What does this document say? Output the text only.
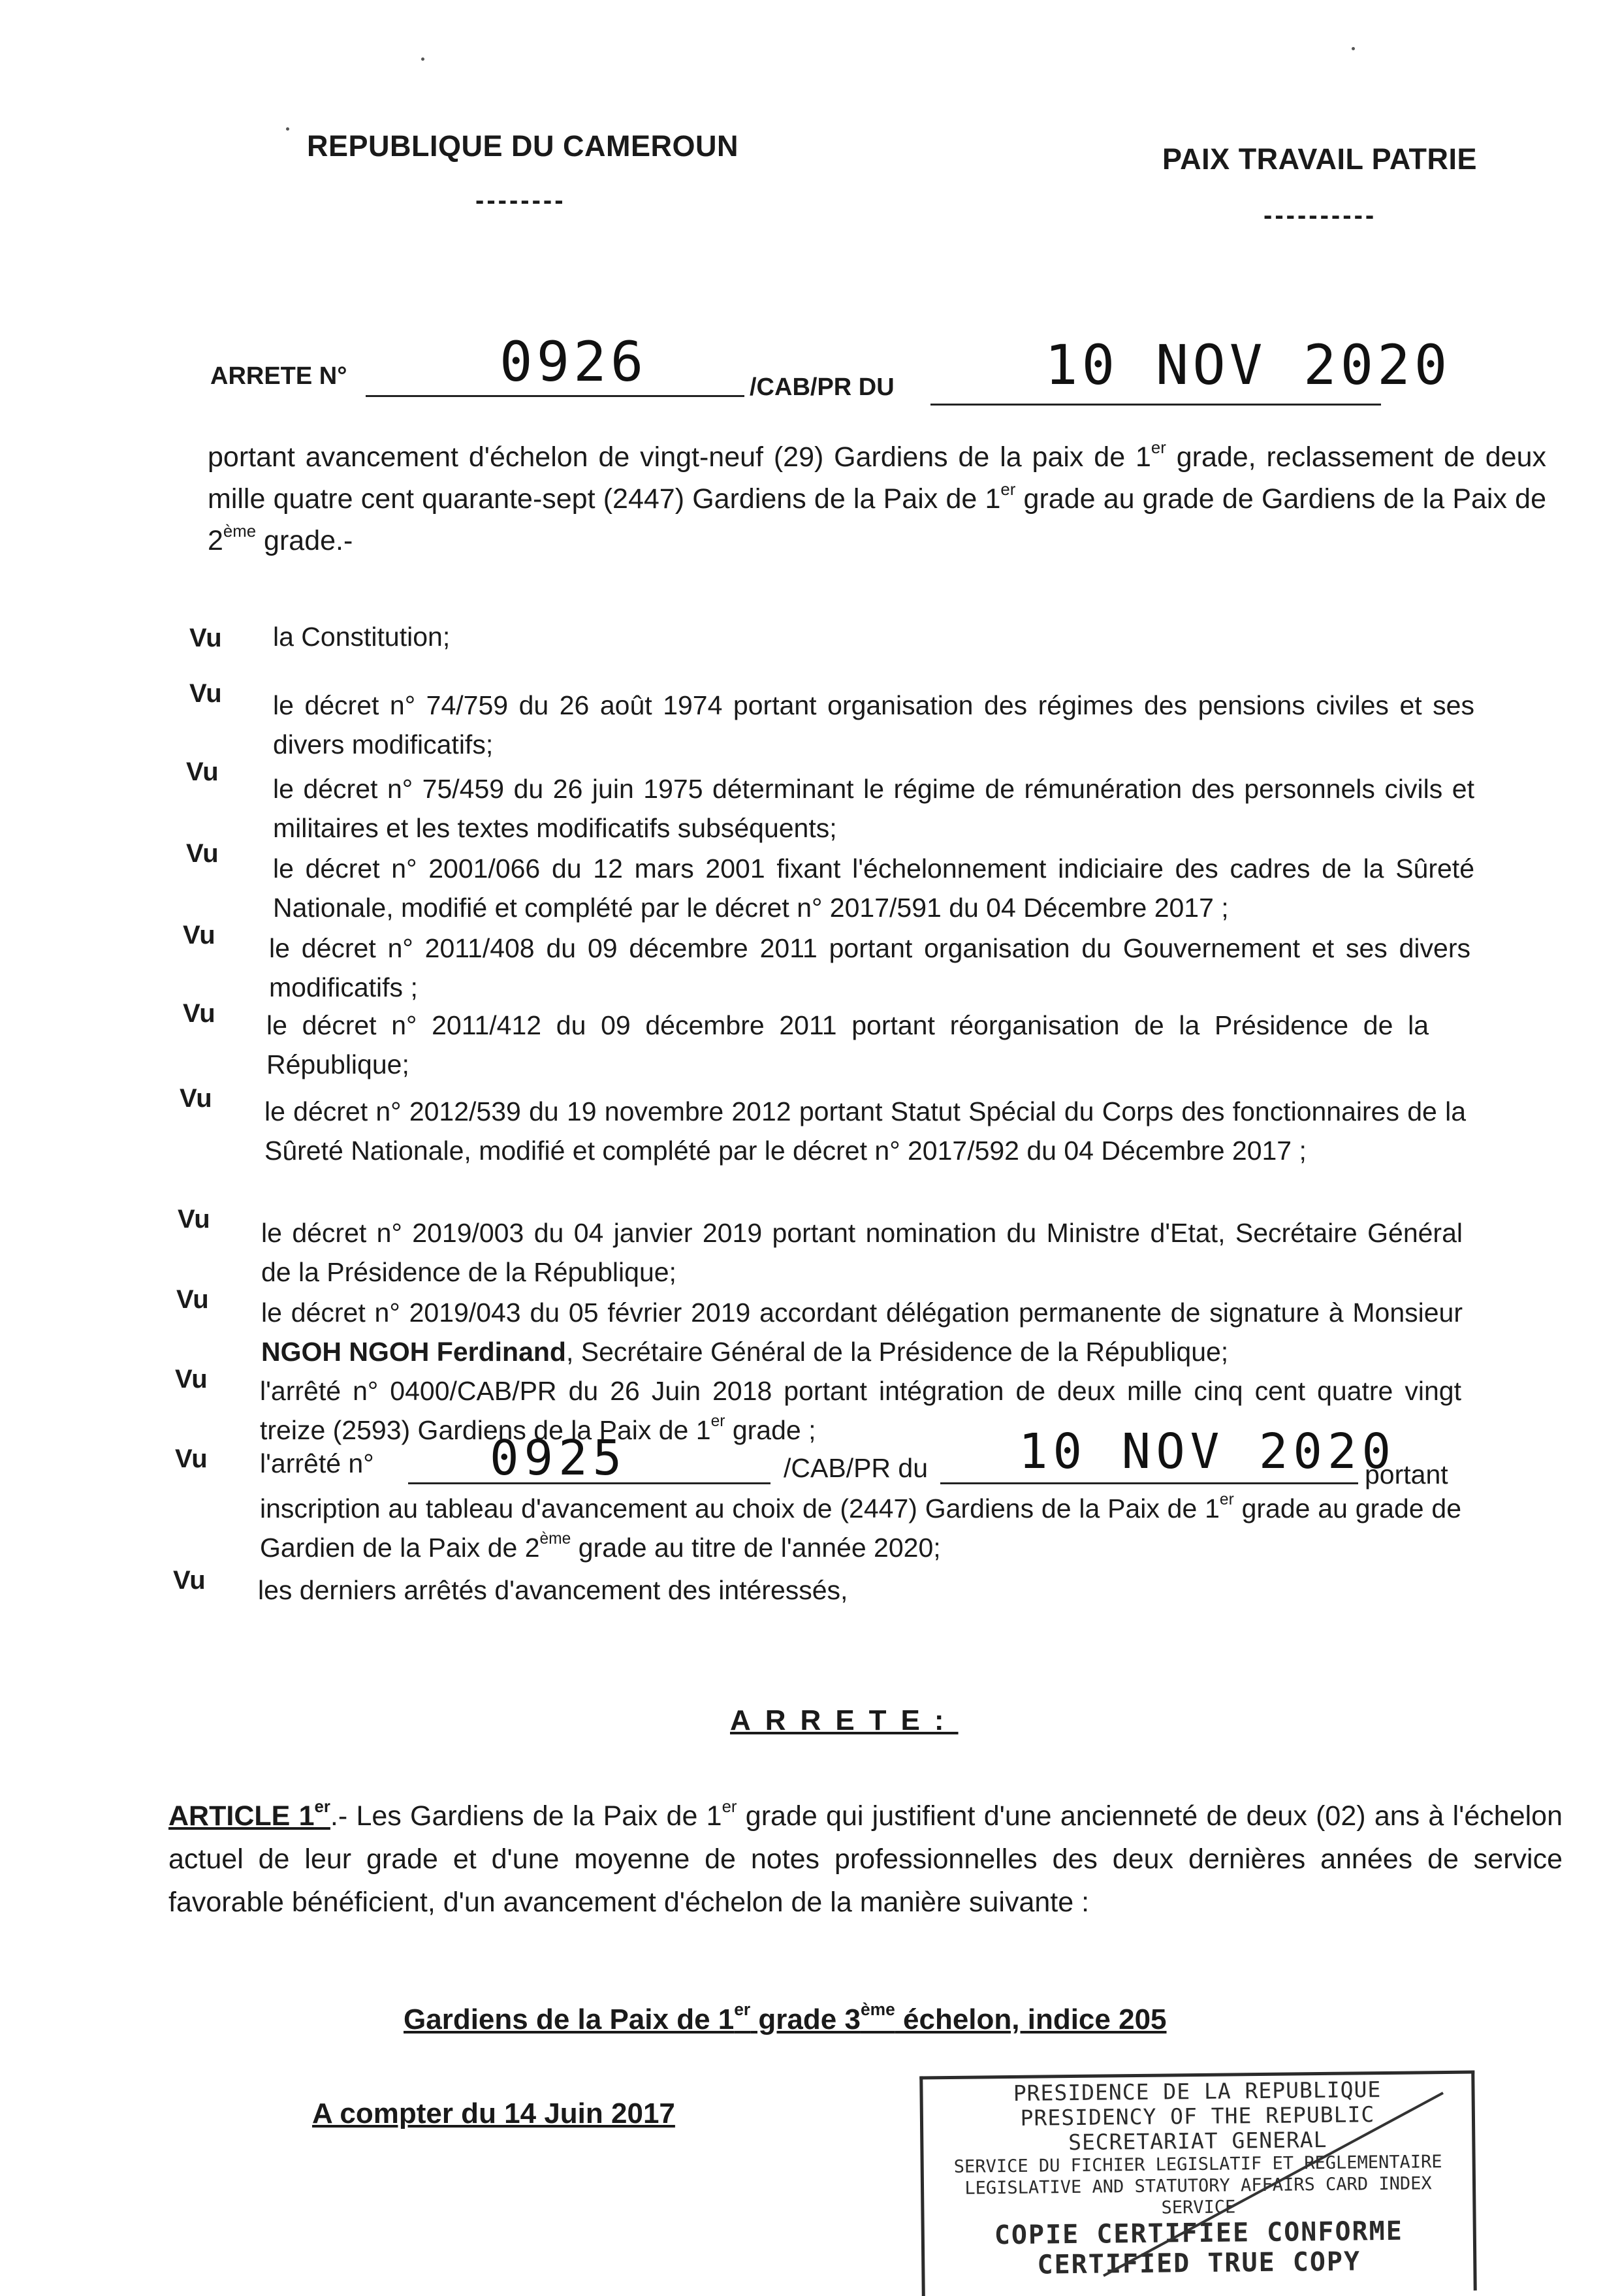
REPUBLIQUE DU CAMEROUN
--------
PAIX TRAVAIL PATRIE
----------
ARRETE N°	0926	/CAB/PR DU	10 NOV 2020
portant avancement d'échelon de vingt-neuf (29) Gardiens de la paix de 1er grade, reclassement de deux mille quatre cent quarante-sept (2447) Gardiens de la Paix de 1er grade au grade de Gardiens de la Paix de 2ème grade.-
Vu la Constitution;
Vu le décret n° 74/759 du 26 août 1974 portant organisation des régimes des pensions civiles et ses divers modificatifs;
Vu
le décret n° 75/459 du 26 juin 1975 déterminant le régime de rémunération des personnels civils et militaires et les textes modificatifs subséquents;
Vu le décret n° 2001/066 du 12 mars 2001 fixant l'échelonnement indiciaire des cadres de la Sûreté Nationale, modifié et complété par le décret n° 2017/591 du 04 Décembre 2017 ;
Vu le décret n° 2011/408 du 09 décembre 2011 portant organisation du Gouvernement et ses divers modificatifs ;
Vu le décret n° 2011/412 du 09 décembre 2011 portant réorganisation de la Présidence de la République;
Vu le décret n° 2012/539 du 19 novembre 2012 portant Statut Spécial du Corps des fonctionnaires de la Sûreté Nationale, modifié et complété par le décret n° 2017/592 du 04 Décembre 2017 ;
Vu le décret n° 2019/003 du 04 janvier 2019 portant nomination du Ministre d'Etat, Secrétaire Général de la Présidence de la République;
Vu le décret n° 2019/043 du 05 février 2019 accordant délégation permanente de signature à Monsieur NGOH NGOH Ferdinand, Secrétaire Général de la Présidence de la République;
Vu l'arrêté n° 0400/CAB/PR du 26 Juin 2018 portant intégration de deux mille cinq cent quatre vingt treize (2593) Gardiens de la Paix de 1er grade ;
Vu l'arrêté n° 0925	/CAB/PR du 10 NOV 2020
portant
inscription au tableau d'avancement au choix de (2447) Gardiens de la Paix de 1er grade au grade de Gardien de la Paix de 2ème grade au titre de l'année 2020;
Vu les derniers arrêtés d'avancement des intéressés,
ARRETE:
ARTICLE 1er.- Les Gardiens de la Paix de 1er grade qui justifient d'une ancienneté de deux (02) ans à l'échelon actuel de leur grade et d'une moyenne de notes professionnelles des deux dernières années de service favorable bénéficient, d'un avancement d'échelon de la manière suivante :
Gardiens de la Paix de 1er grade 3ème échelon, indice 205
A compter du 14 Juin 2017
PRESIDENCE DE LA REPUBLIQUE
PRESIDENCY OF THE REPUBLIC
SECRETARIAT GENERAL
SERVICE DU FICHIER LEGISLATIF ET REGLEMENTAIRE
LEGISLATIVE AND STATUTORY AFFAIRS CARD INDEX SERVICE
COPIE CERTIFIEE CONFORME
CERTIFIED TRUE COPY
